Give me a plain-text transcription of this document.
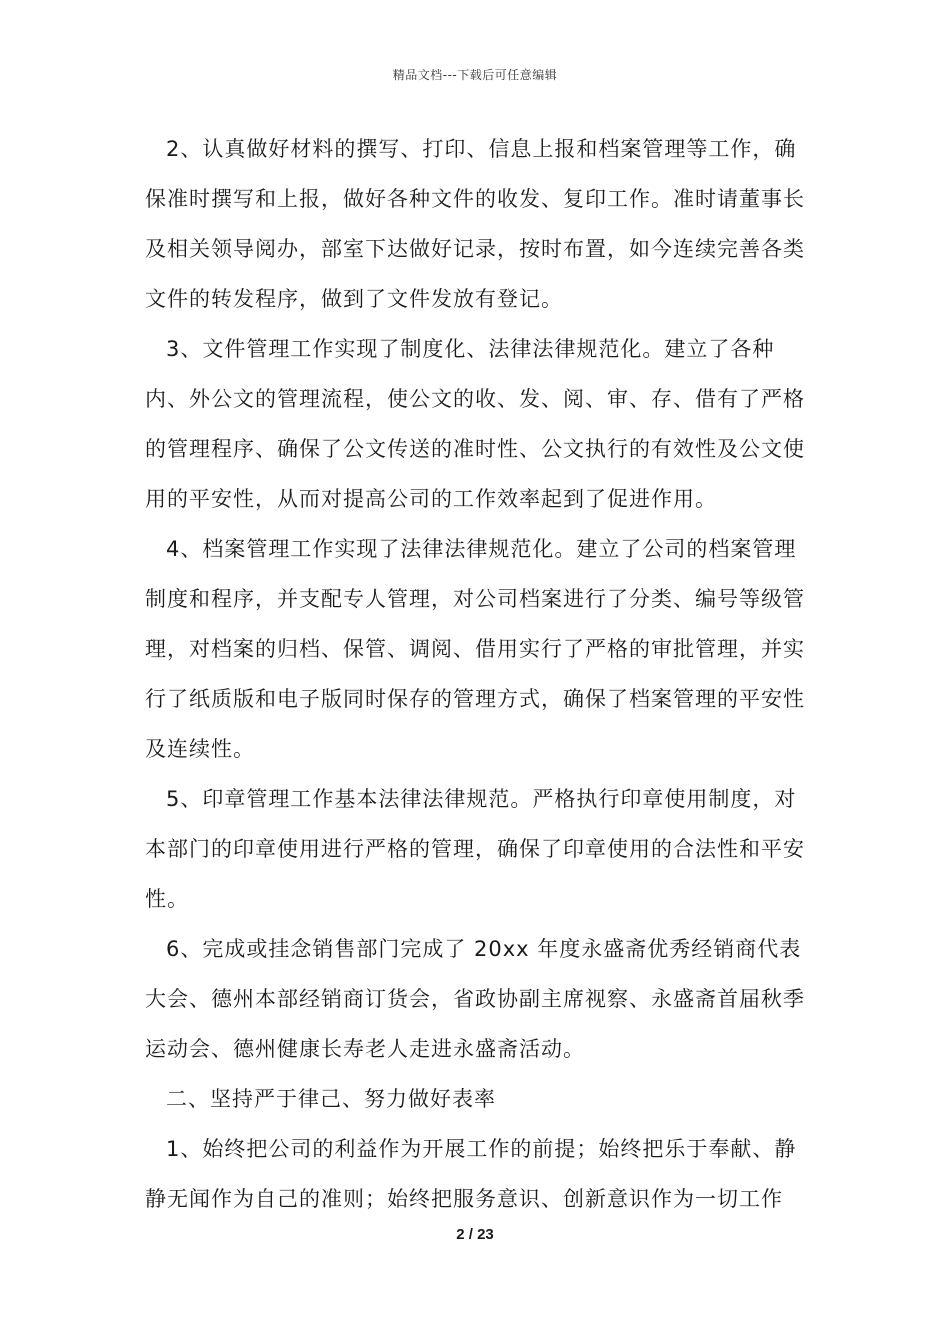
精品文档---下载后可任意编辑

2、认真做好材料的撰写、打印、信息上报和档案管理等工作，确保准时撰写和上报，做好各种文件的收发、复印工作。准时请董事长及相关领导阅办，部室下达做好记录，按时布置，如今连续完善各类文件的转发程序，做到了文件发放有登记。

3、文件管理工作实现了制度化、法律法律规范化。建立了各种内、外公文的管理流程，使公文的收、发、阅、审、存、借有了严格的管理程序、确保了公文传送的准时性、公文执行的有效性及公文使用的平安性，从而对提高公司的工作效率起到了促进作用。

4、档案管理工作实现了法律法律规范化。建立了公司的档案管理制度和程序，并支配专人管理，对公司档案进行了分类、编号等级管理，对档案的归档、保管、调阅、借用实行了严格的审批管理，并实行了纸质版和电子版同时保存的管理方式，确保了档案管理的平安性及连续性。

5、印章管理工作基本法律法律规范。严格执行印章使用制度，对本部门的印章使用进行严格的管理，确保了印章使用的合法性和平安性。

6、完成或挂念销售部门完成了 20xx 年度永盛斋优秀经销商代表大会、德州本部经销商订货会，省政协副主席视察、永盛斋首届秋季运动会、德州健康长寿老人走进永盛斋活动。

二、坚持严于律己、努力做好表率

1、始终把公司的利益作为开展工作的前提；始终把乐于奉献、静静无闻作为自己的准则；始终把服务意识、创新意识作为一切工作

2 / 23
